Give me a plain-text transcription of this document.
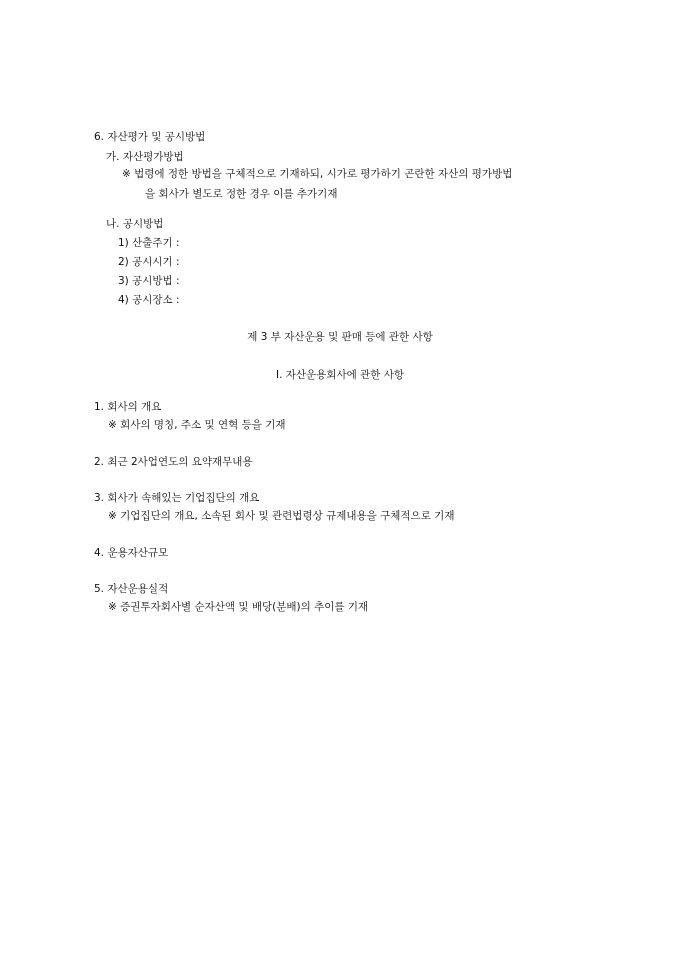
6. 자산평가 및 공시방법
가. 자산평가방법
※ 법령에 정한 방법을 구체적으로 기재하되, 시가로 평가하기 곤란한 자산의 평가방법
을 회사가 별도로 정한 경우 이를 추가기재
나. 공시방법
1) 산출주기 :
2) 공시시기 :
3) 공시방법 :
4) 공시장소 :
제 3 부 자산운용 및 판매 등에 관한 사항
Ⅰ. 자산운용회사에 관한 사항
1. 회사의 개요
※ 회사의 명칭, 주소 및 연혁 등을 기재
2. 최근 2사업연도의 요약재무내용
3. 회사가 속해있는 기업집단의 개요
※ 기업집단의 개요, 소속된 회사 및 관련법령상 규제내용을 구체적으로 기재
4. 운용자산규모
5. 자산운용실적
※ 증권투자회사별 순자산액 및 배당(분배)의 추이를 기재
